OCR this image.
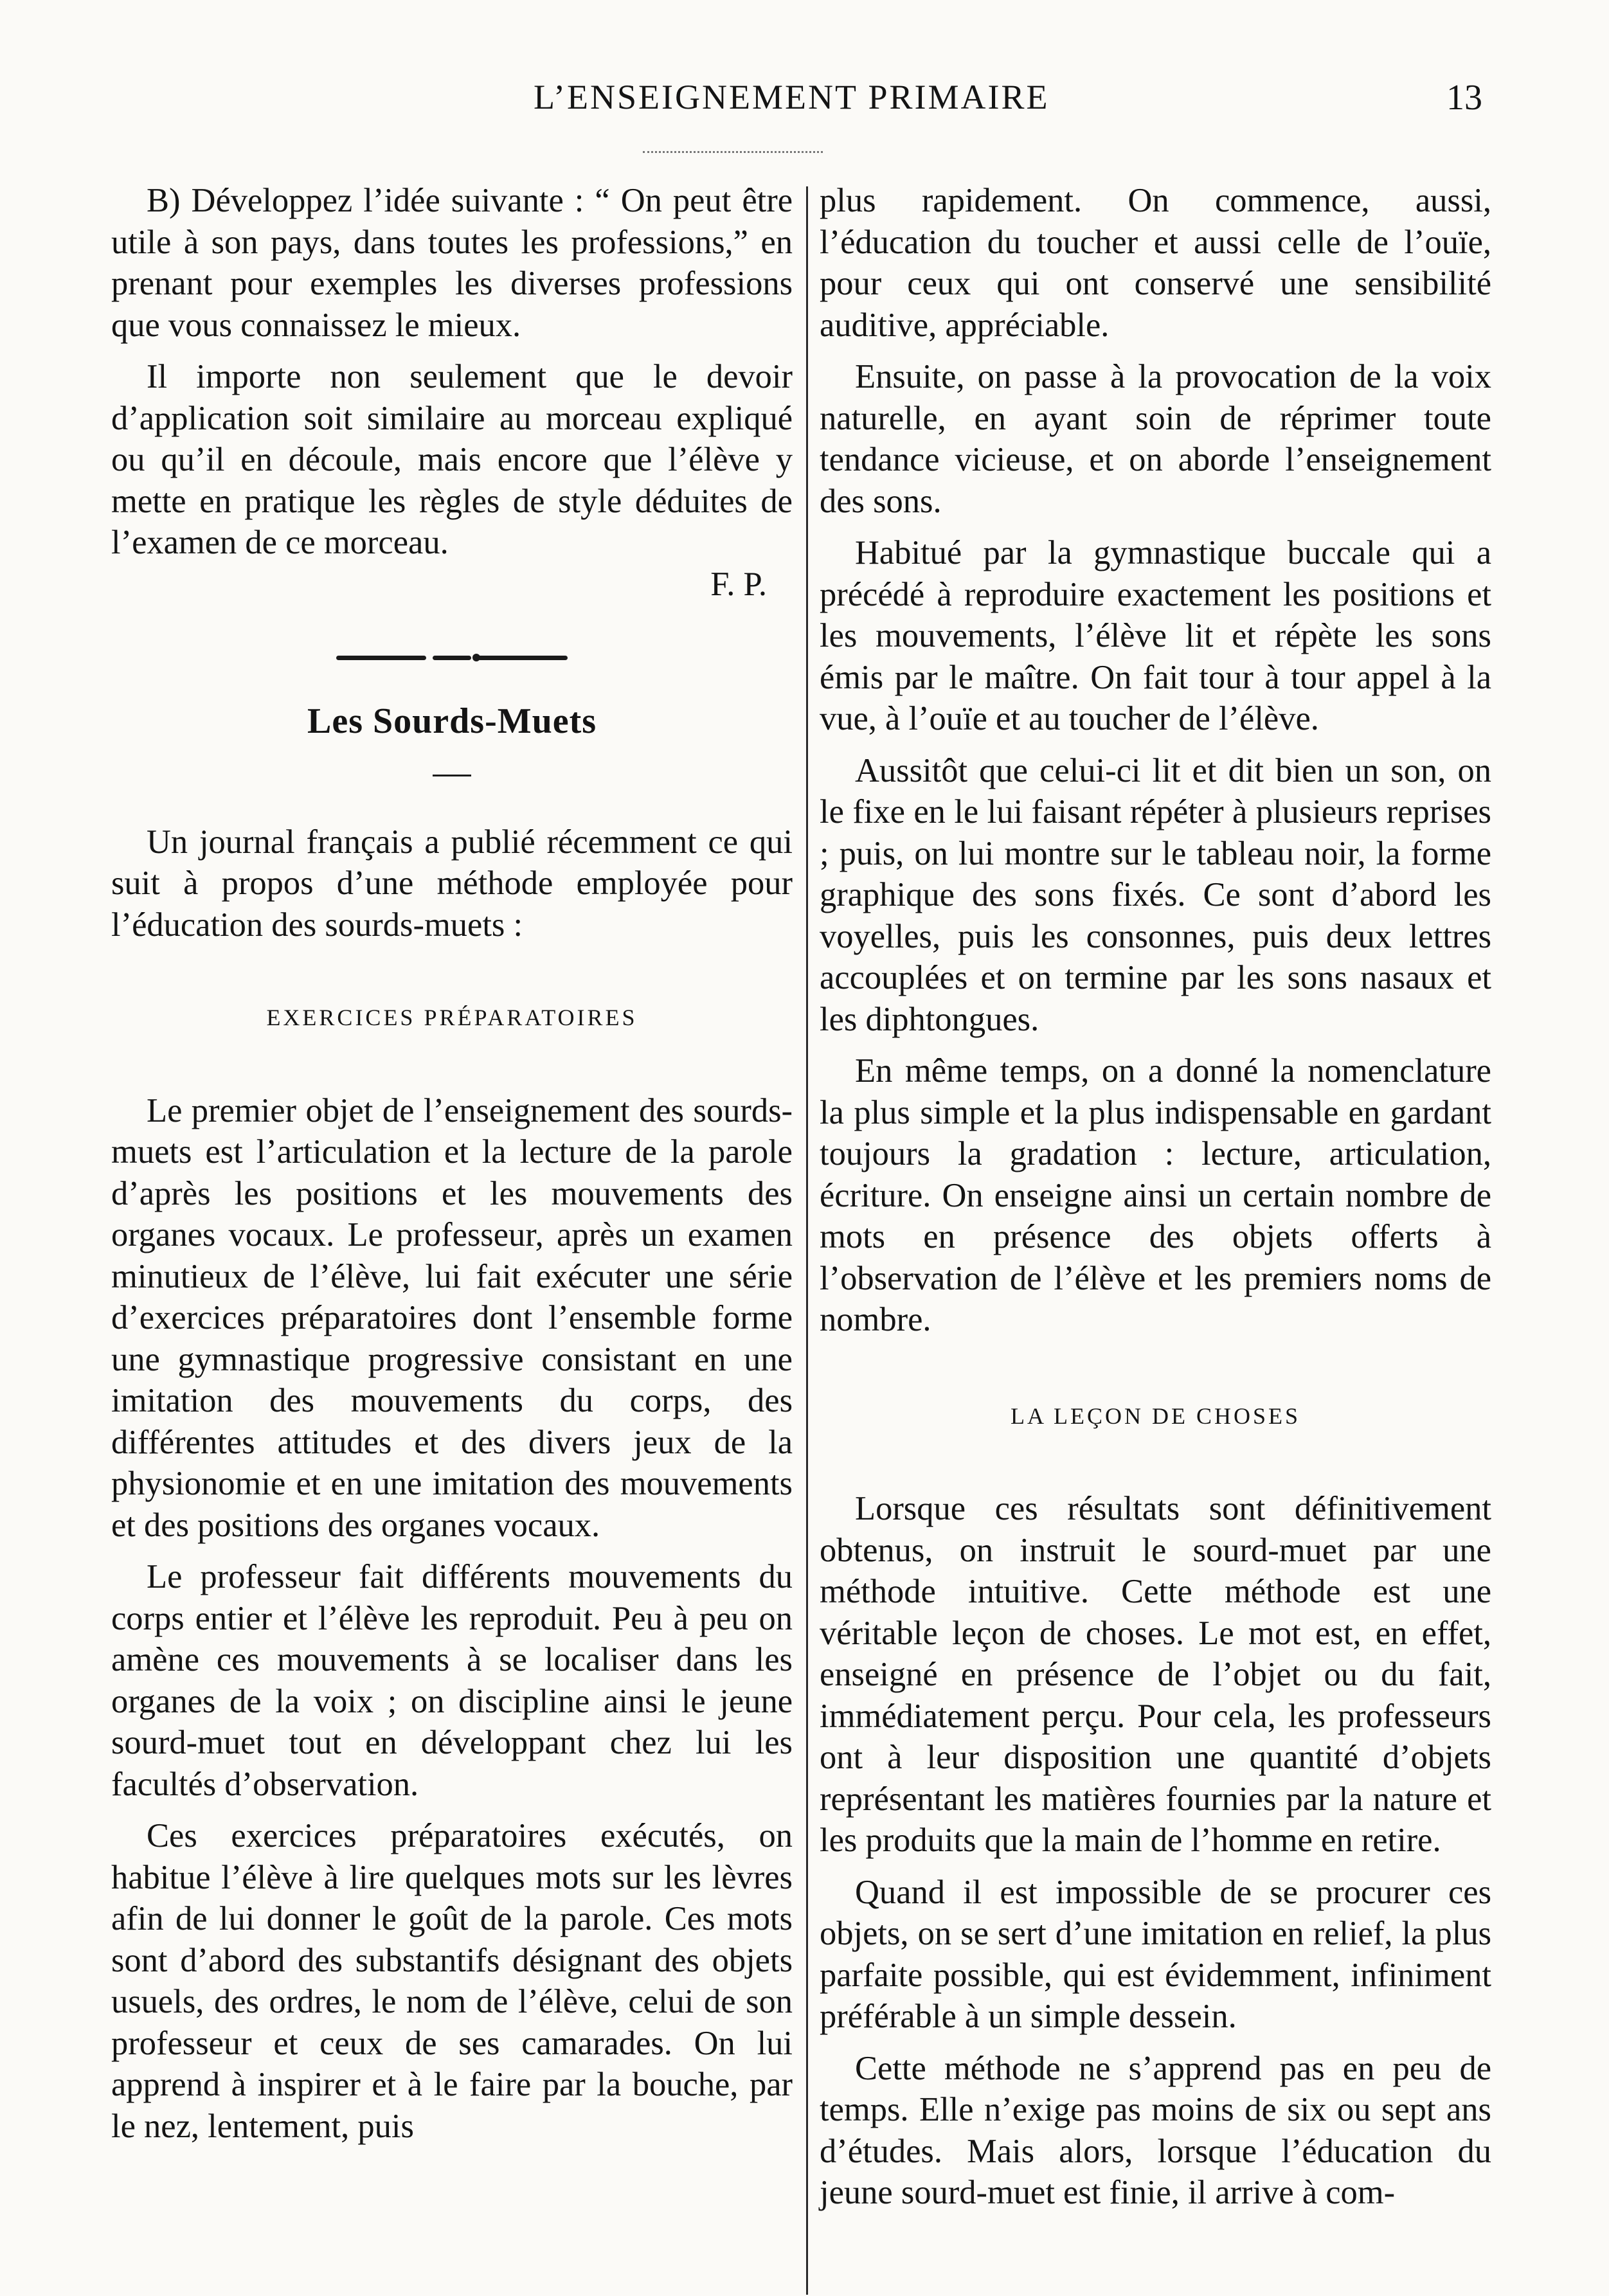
L’ENSEIGNEMENT PRIMAIRE	13

B) Développez l’idée suivante : “ On peut être utile à son pays, dans toutes les professions,” en prenant pour exemples les diverses professions que vous connaissez le mieux.

Il importe non seulement que le devoir d’application soit similaire au morceau expliqué ou qu’il en découle, mais encore que l’élève y mette en pratique les règles de style déduites de l’examen de ce morceau.

F. P.

Les Sourds-Muets

Un journal français a publié récemment ce qui suit à propos d’une méthode employée pour l’éducation des sourds-muets :

EXERCICES PRÉPARATOIRES

Le premier objet de l’enseignement des sourds-muets est l’articulation et la lecture de la parole d’après les positions et les mouvements des organes vocaux. Le professeur, après un examen minutieux de l’élève, lui fait exécuter une série d’exercices préparatoires dont l’ensemble forme une gymnastique progressive consistant en une imitation des mouvements du corps, des différentes attitudes et des divers jeux de la physionomie et en une imitation des mouvements et des positions des organes vocaux.

Le professeur fait différents mouvements du corps entier et l’élève les reproduit. Peu à peu on amène ces mouvements à se localiser dans les organes de la voix ; on discipline ainsi le jeune sourd-muet tout en développant chez lui les facultés d’observation.

Ces exercices préparatoires exécutés, on habitue l’élève à lire quelques mots sur les lèvres afin de lui donner le goût de la parole. Ces mots sont d’abord des substantifs désignant des objets usuels, des ordres, le nom de l’élève, celui de son professeur et ceux de ses camarades. On lui apprend à inspirer et à le faire par la bouche, par le nez, lentement, puis

plus rapidement. On commence, aussi, l’éducation du toucher et aussi celle de l’ouïe, pour ceux qui ont conservé une sensibilité auditive, appréciable.

Ensuite, on passe à la provocation de la voix naturelle, en ayant soin de réprimer toute tendance vicieuse, et on aborde l’enseignement des sons.

Habitué par la gymnastique buccale qui a précédé à reproduire exactement les positions et les mouvements, l’élève lit et répète les sons émis par le maître. On fait tour à tour appel à la vue, à l’ouïe et au toucher de l’élève.

Aussitôt que celui-ci lit et dit bien un son, on le fixe en le lui faisant répéter à plusieurs reprises ; puis, on lui montre sur le tableau noir, la forme graphique des sons fixés. Ce sont d’abord les voyelles, puis les consonnes, puis deux lettres accouplées et on termine par les sons nasaux et les diphtongues.

En même temps, on a donné la nomenclature la plus simple et la plus indispensable en gardant toujours la gradation : lecture, articulation, écriture. On enseigne ainsi un certain nombre de mots en présence des objets offerts à l’observation de l’élève et les premiers noms de nombre.

LA LEÇON DE CHOSES

Lorsque ces résultats sont définitivement obtenus, on instruit le sourd-muet par une méthode intuitive. Cette méthode est une véritable leçon de choses. Le mot est, en effet, enseigné en présence de l’objet ou du fait, immédiatement perçu. Pour cela, les professeurs ont à leur disposition une quantité d’objets représentant les matières fournies par la nature et les produits que la main de l’homme en retire.

Quand il est impossible de se procurer ces objets, on se sert d’une imitation en relief, la plus parfaite possible, qui est évidemment, infiniment préférable à un simple dessein.

Cette méthode ne s’apprend pas en peu de temps. Elle n’exige pas moins de six ou sept ans d’études. Mais alors, lorsque l’éducation du jeune sourd-muet est finie, il arrive à com-
